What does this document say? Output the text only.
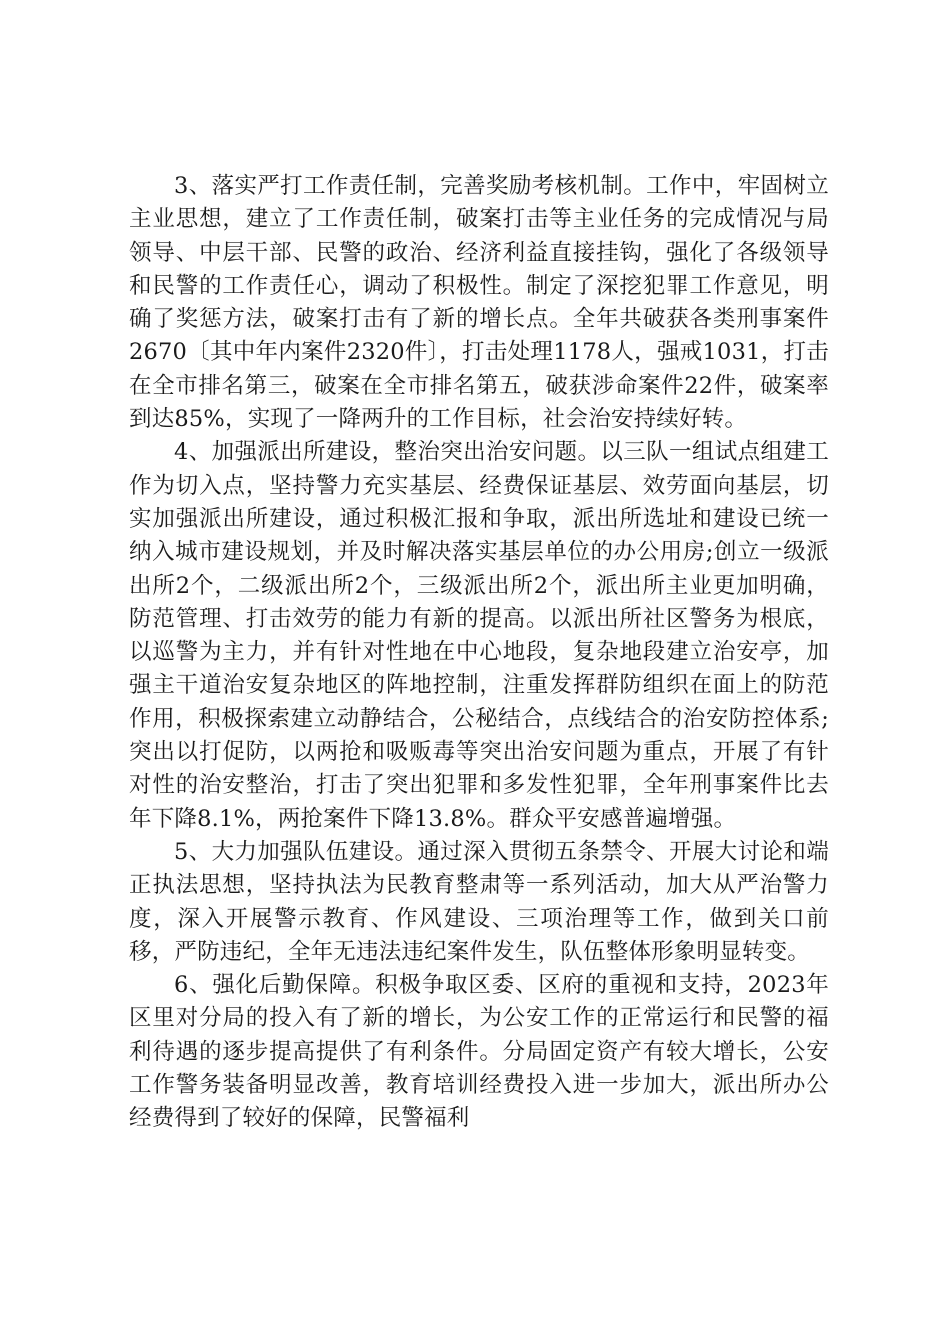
3、落实严打工作责任制，完善奖励考核机制。工作中，牢固树立主业思想，建立了工作责任制，破案打击等主业任务的完成情况与局领导、中层干部、民警的政治、经济利益直接挂钩，强化了各级领导和民警的工作责任心，调动了积极性。制定了深挖犯罪工作意见，明确了奖惩方法，破案打击有了新的增长点。全年共破获各类刑事案件2670〔其中年内案件2320件〕，打击处理1178人，强戒1031，打击在全市排名第三，破案在全市排名第五，破获涉命案件22件，破案率到达85%，实现了一降两升的工作目标，社会治安持续好转。

4、加强派出所建设，整治突出治安问题。以三队一组试点组建工作为切入点，坚持警力充实基层、经费保证基层、效劳面向基层，切实加强派出所建设，通过积极汇报和争取，派出所选址和建设已统一纳入城市建设规划，并及时解决落实基层单位的办公用房;创立一级派出所2个，二级派出所2个，三级派出所2个，派出所主业更加明确，防范管理、打击效劳的能力有新的提高。以派出所社区警务为根底，以巡警为主力，并有针对性地在中心地段，复杂地段建立治安亭，加强主干道治安复杂地区的阵地控制，注重发挥群防组织在面上的防范作用，积极探索建立动静结合，公秘结合，点线结合的治安防控体系;突出以打促防，以两抢和吸贩毒等突出治安问题为重点，开展了有针对性的治安整治，打击了突出犯罪和多发性犯罪，全年刑事案件比去年下降8.1%，两抢案件下降13.8%。群众平安感普遍增强。

5、大力加强队伍建设。通过深入贯彻五条禁令、开展大讨论和端正执法思想，坚持执法为民教育整肃等一系列活动，加大从严治警力度，深入开展警示教育、作风建设、三项治理等工作，做到关口前移，严防违纪，全年无违法违纪案件发生，队伍整体形象明显转变。

6、强化后勤保障。积极争取区委、区府的重视和支持，2023年区里对分局的投入有了新的增长，为公安工作的正常运行和民警的福利待遇的逐步提高提供了有利条件。分局固定资产有较大增长，公安工作警务装备明显改善，教育培训经费投入进一步加大，派出所办公经费得到了较好的保障，民警福利
